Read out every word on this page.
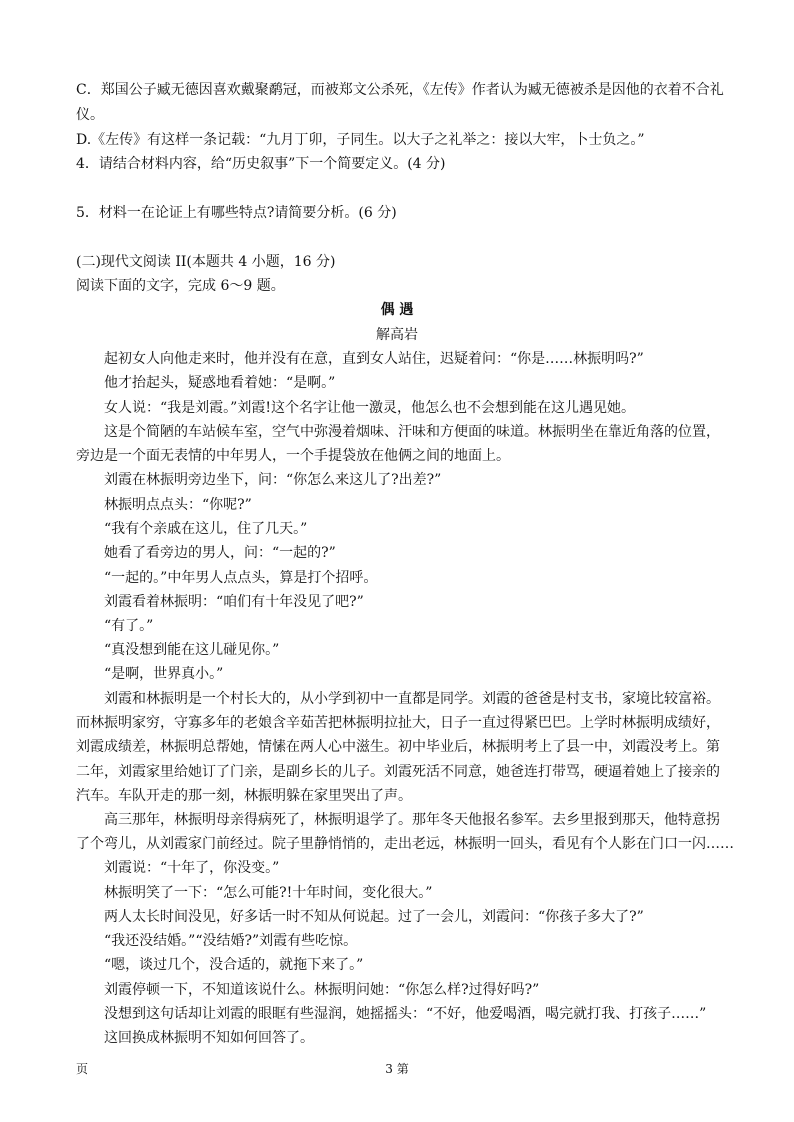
C．郑国公子臧无德因喜欢戴聚鹬冠，而被郑文公杀死，《左传》作者认为臧无德被杀是因他的衣着不合礼
仪。
D.《左传》有这样一条记载：“九月丁卯，子同生。以大子之礼举之：接以大牢，卜士负之。”
4．请结合材料内容，给“历史叙事”下一个简要定义。(4 分)
5．材料一在论证上有哪些特点?请简要分析。(6 分)
(二)现代文阅读 II(本题共 4 小题，16 分)
阅读下面的文字，完成 6～9 题。
偶 遇
解高岩
起初女人向他走来时，他并没有在意，直到女人站住，迟疑着问：“你是……林振明吗?”
他才抬起头，疑惑地看着她：“是啊。”
女人说：“我是刘霞。”刘霞!这个名字让他一激灵，他怎么也不会想到能在这儿遇见她。
这是个简陋的车站候车室，空气中弥漫着烟味、汗味和方便面的味道。林振明坐在靠近角落的位置，
旁边是一个面无表情的中年男人，一个手提袋放在他俩之间的地面上。
刘霞在林振明旁边坐下，问：“你怎么来这儿了?出差?”
林振明点点头：“你呢?”
“我有个亲戚在这儿，住了几天。”
她看了看旁边的男人，问：“一起的?”
“一起的。”中年男人点点头，算是打个招呼。
刘霞看着林振明：“咱们有十年没见了吧?”
“有了。”
“真没想到能在这儿碰见你。”
“是啊，世界真小。”
刘霞和林振明是一个村长大的，从小学到初中一直都是同学。刘霞的爸爸是村支书，家境比较富裕。
而林振明家穷，守寡多年的老娘含辛茹苦把林振明拉扯大，日子一直过得紧巴巴。上学时林振明成绩好，
刘霞成绩差，林振明总帮她，情愫在两人心中滋生。初中毕业后，林振明考上了县一中，刘霞没考上。第
二年，刘霞家里给她订了门亲，是副乡长的儿子。刘霞死活不同意，她爸连打带骂，硬逼着她上了接亲的
汽车。车队开走的那一刻，林振明躲在家里哭出了声。
高三那年，林振明母亲得病死了，林振明退学了。那年冬天他报名参军。去乡里报到那天，他特意拐
了个弯儿，从刘霞家门前经过。院子里静悄悄的，走出老远，林振明一回头，看见有个人影在门口一闪……
刘霞说：“十年了，你没变。”
林振明笑了一下：“怎么可能?!十年时间，变化很大。”
两人太长时间没见，好多话一时不知从何说起。过了一会儿，刘霞问：“你孩子多大了?”
“我还没结婚。”“没结婚?”刘霞有些吃惊。
“嗯，谈过几个，没合适的，就拖下来了。”
刘霞停顿一下，不知道该说什么。林振明问她：“你怎么样?过得好吗?”
没想到这句话却让刘霞的眼眶有些湿润，她摇摇头：“不好，他爱喝酒，喝完就打我、打孩子……”
这回换成林振明不知如何回答了。
页	3 第
